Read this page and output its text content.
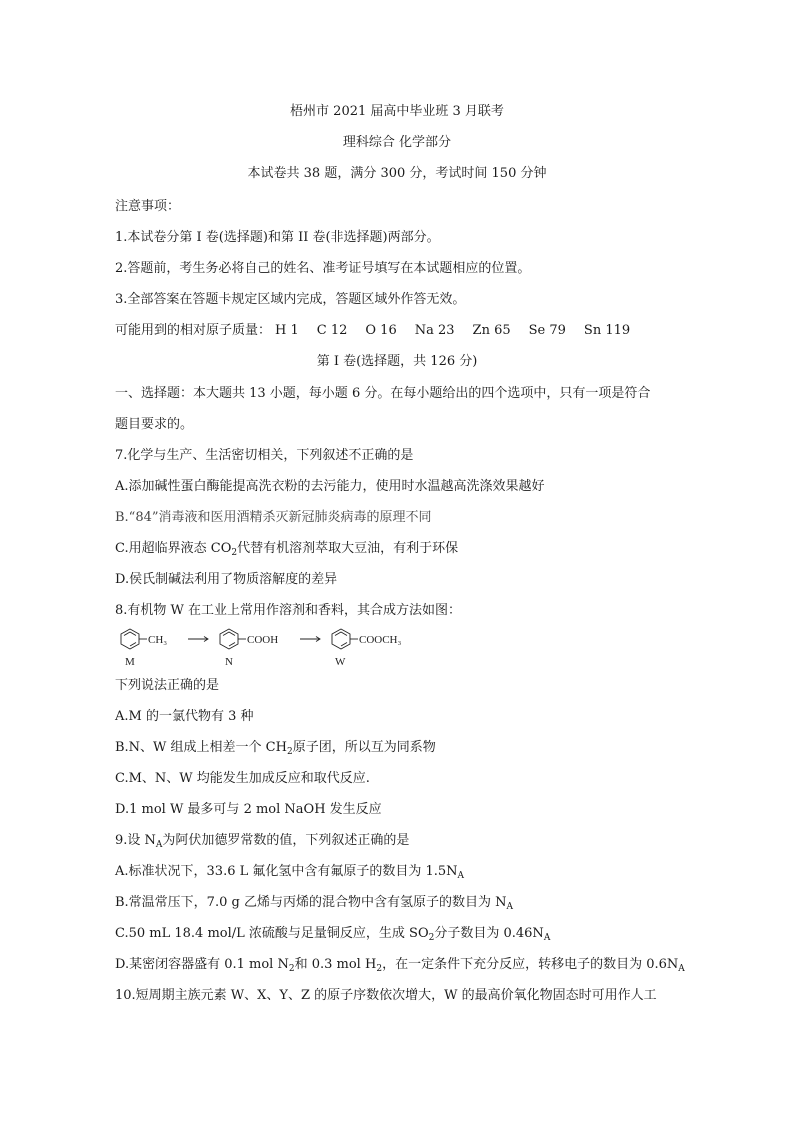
梧州市 2021 届高中毕业班 3 月联考
理科综合 化学部分
本试卷共 38 题，满分 300 分，考试时间 150 分钟
注意事项：
1.本试卷分第 I 卷(选择题)和第 II 卷(非选择题)两部分。
2.答题前，考生务必将自己的姓名、准考证号填写在本试题相应的位置。
3.全部答案在答题卡规定区域内完成，答题区域外作答无效。
可能用到的相对原子质量： H 1 C 12 O 16 Na 23 Zn 65 Se 79 Sn 119
第 I 卷(选择题，共 126 分)
一、选择题：本大题共 13 小题，每小题 6 分。在每小题给出的四个选项中，只有一项是符合
题目要求的。
7.化学与生产、生活密切相关，下列叙述不正确的是
A.添加碱性蛋白酶能提高洗衣粉的去污能力，使用时水温越高洗涤效果越好
B.“84”消毒液和医用酒精杀灭新冠肺炎病毒的原理不同
C.用超临界液态 $CO_2$代替有机溶剂萃取大豆油，有利于环保
D.侯氏制碱法利用了物质溶解度的差异
8.有机物 W 在工业上常用作溶剂和香料，其合成方法如图：
CH₃	COOH	COOCH₃
M	N	W
下列说法正确的是
A.M 的一氯代物有 3 种
B.N、W 组成上相差一个 $CH_2$原子团，所以互为同系物
C.M、N、W 均能发生加成反应和取代反应.
D.1 mol W 最多可与 2 mol NaOH 发生反应
9.设 $N_A$为阿伏加德罗常数的值，下列叙述正确的是
A.标准状况下，33.6 L 氟化氢中含有氟原子的数目为 $1.5N_A$
B.常温常压下，7.0 g 乙烯与丙烯的混合物中含有氢原子的数目为 $N_A$
C.50 mL 18.4 mol/L 浓硫酸与足量铜反应，生成 $SO_2$分子数目为 $0.46N_A$
D.某密闭容器盛有 0.1 mol $N_2$和 0.3 mol $H_2$，在一定条件下充分反应，转移电子的数目为 $0.6N_A$
10.短周期主族元素 W、X、Y、Z 的原子序数依次增大，W 的最高价氧化物固态时可用作人工
